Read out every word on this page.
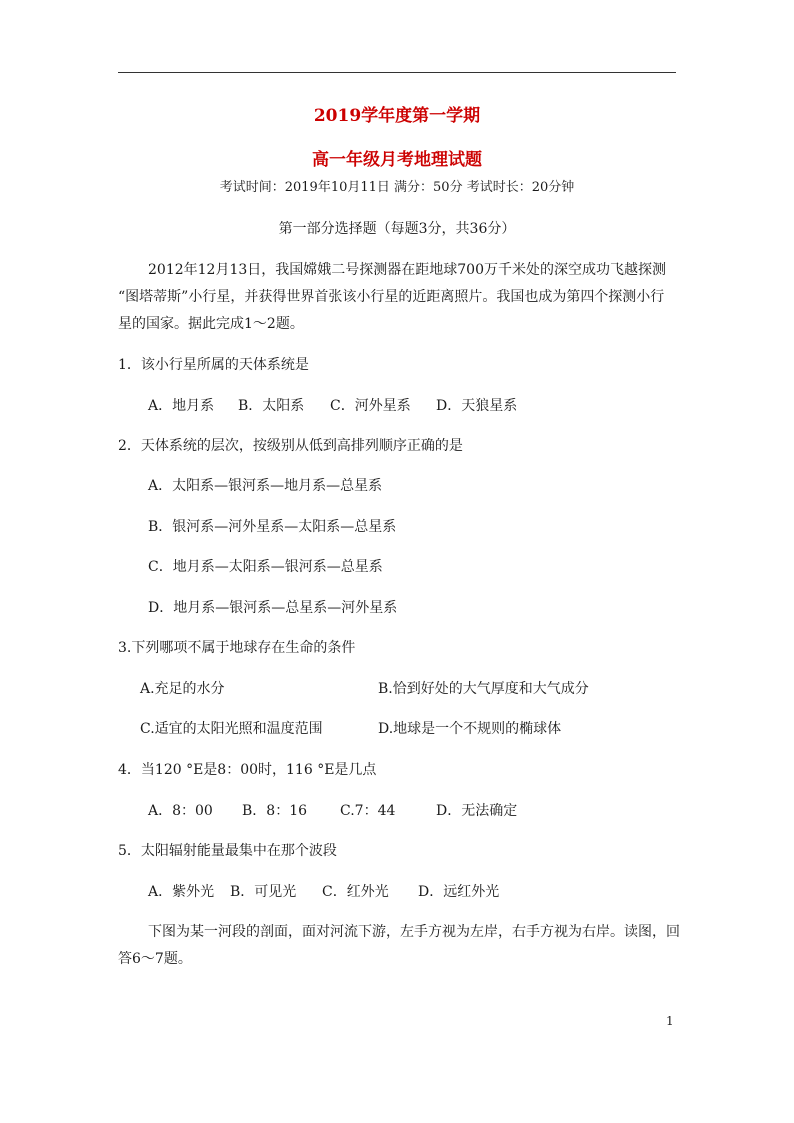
2019学年度第一学期
高一年级月考地理试题
考试时间：2019年10月11日 满分：50分 考试时长：20分钟
第一部分选择题（每题3分，共36分）
2012年12月13日，我国嫦娥二号探测器在距地球700万千米处的深空成功飞越探测
“图塔蒂斯”小行星，并获得世界首张该小行星的近距离照片。我国也成为第四个探测小行
星的国家。据此完成1～2题。
1．该小行星所属的天体系统是
A．地月系 B．太阳系 C．河外星系 D．天狼星系
2．天体系统的层次，按级别从低到高排列顺序正确的是
A．太阳系—银河系—地月系—总星系
B．银河系—河外星系—太阳系—总星系
C．地月系—太阳系—银河系—总星系
D．地月系—银河系—总星系—河外星系
3.下列哪项不属于地球存在生命的条件
A.充足的水分	B.恰到好处的大气厚度和大气成分
C.适宜的太阳光照和温度范围	D.地球是一个不规则的椭球体
4．当120 °E是8：00时，116 °E是几点
A．8：00 B．8：16 C.7：44	D．无法确定
5．太阳辐射能量最集中在那个波段
A．紫外光 B．可见光 C．红外光 D．远红外光
下图为某一河段的剖面，面对河流下游，左手方视为左岸，右手方视为右岸。读图，回
答6～7题。
1
